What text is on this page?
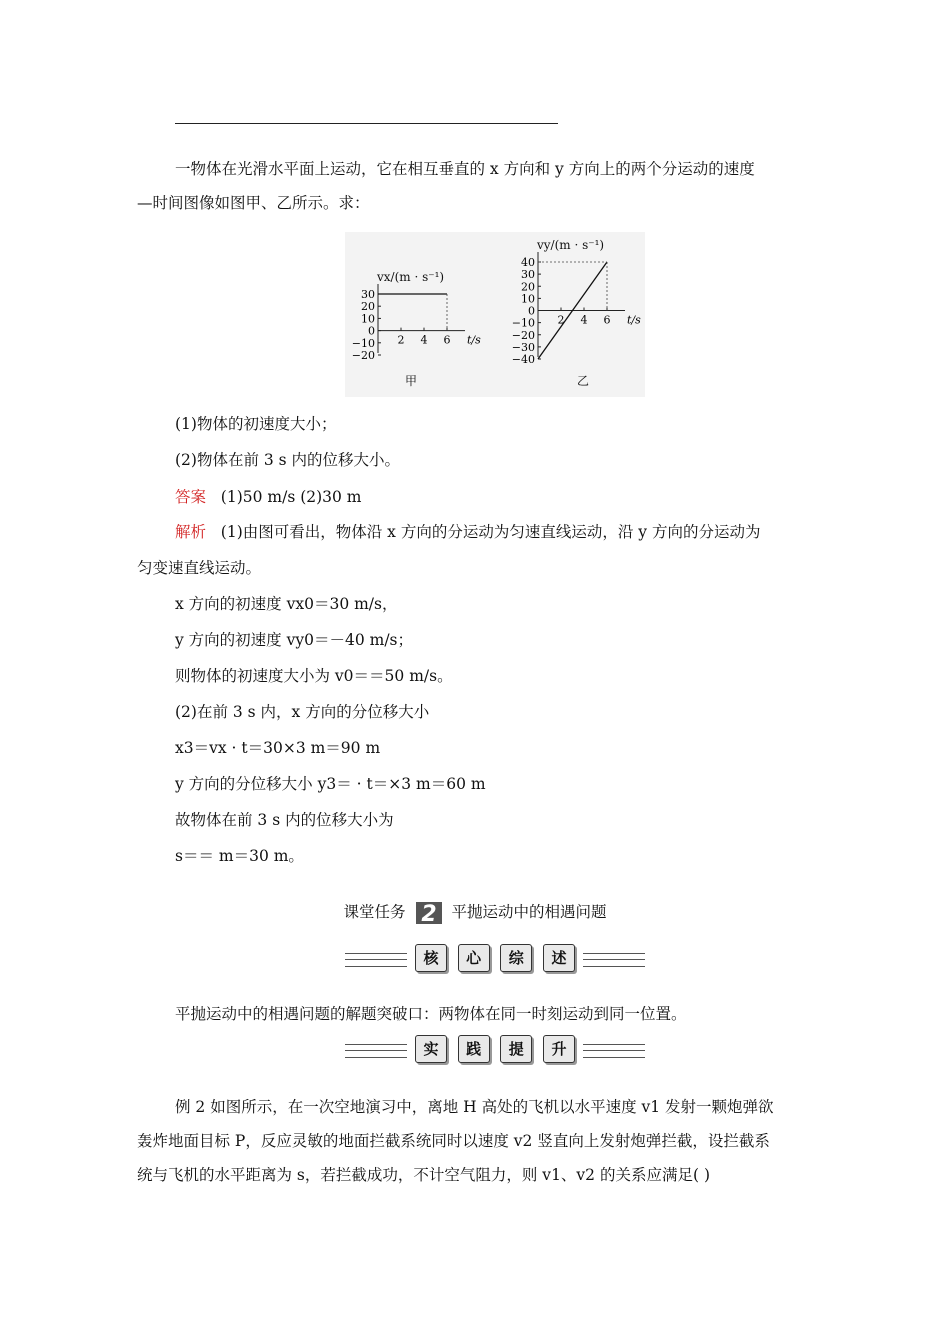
一物体在光滑水平面上运动，它在相互垂直的 x 方向和 y 方向上的两个分运动的速度
—时间图像如图甲、乙所示。求：
30
20
10
0
−10
−20
2 4 6 t/s
40
30
20
10
0
−10
−20
−30
−40
2 4 6 t/s
vx/(m · s⁻¹)
甲
vy/(m · s⁻¹)
乙
(1)物体的初速度大小；
(2)物体在前 3 s 内的位移大小。
答案 (1)50 m/s (2)30 m
解析 (1)由图可看出，物体沿 x 方向的分运动为匀速直线运动，沿 y 方向的分运动为
匀变速直线运动。
x 方向的初速度 vx0＝30 m/s，
y 方向的初速度 vy0＝－40 m/s；
则物体的初速度大小为 v0＝＝50 m/s。
(2)在前 3 s 内，x 方向的分位移大小
x3＝vx · t＝30×3 m＝90 m
y 方向的分位移大小 y3＝ · t＝×3 m＝60 m
故物体在前 3 s 内的位移大小为
s＝＝ m＝30 m。
课堂任务 2 平抛运动中的相遇问题
核	心	综	述
平抛运动中的相遇问题的解题突破口：两物体在同一时刻运动到同一位置。
实	践	提	升
例 2 如图所示，在一次空地演习中，离地 H 高处的飞机以水平速度 v1 发射一颗炮弹欲
轰炸地面目标 P，反应灵敏的地面拦截系统同时以速度 v2 竖直向上发射炮弹拦截，设拦截系
统与飞机的水平距离为 s，若拦截成功，不计空气阻力，则 v1、v2 的关系应满足( )
